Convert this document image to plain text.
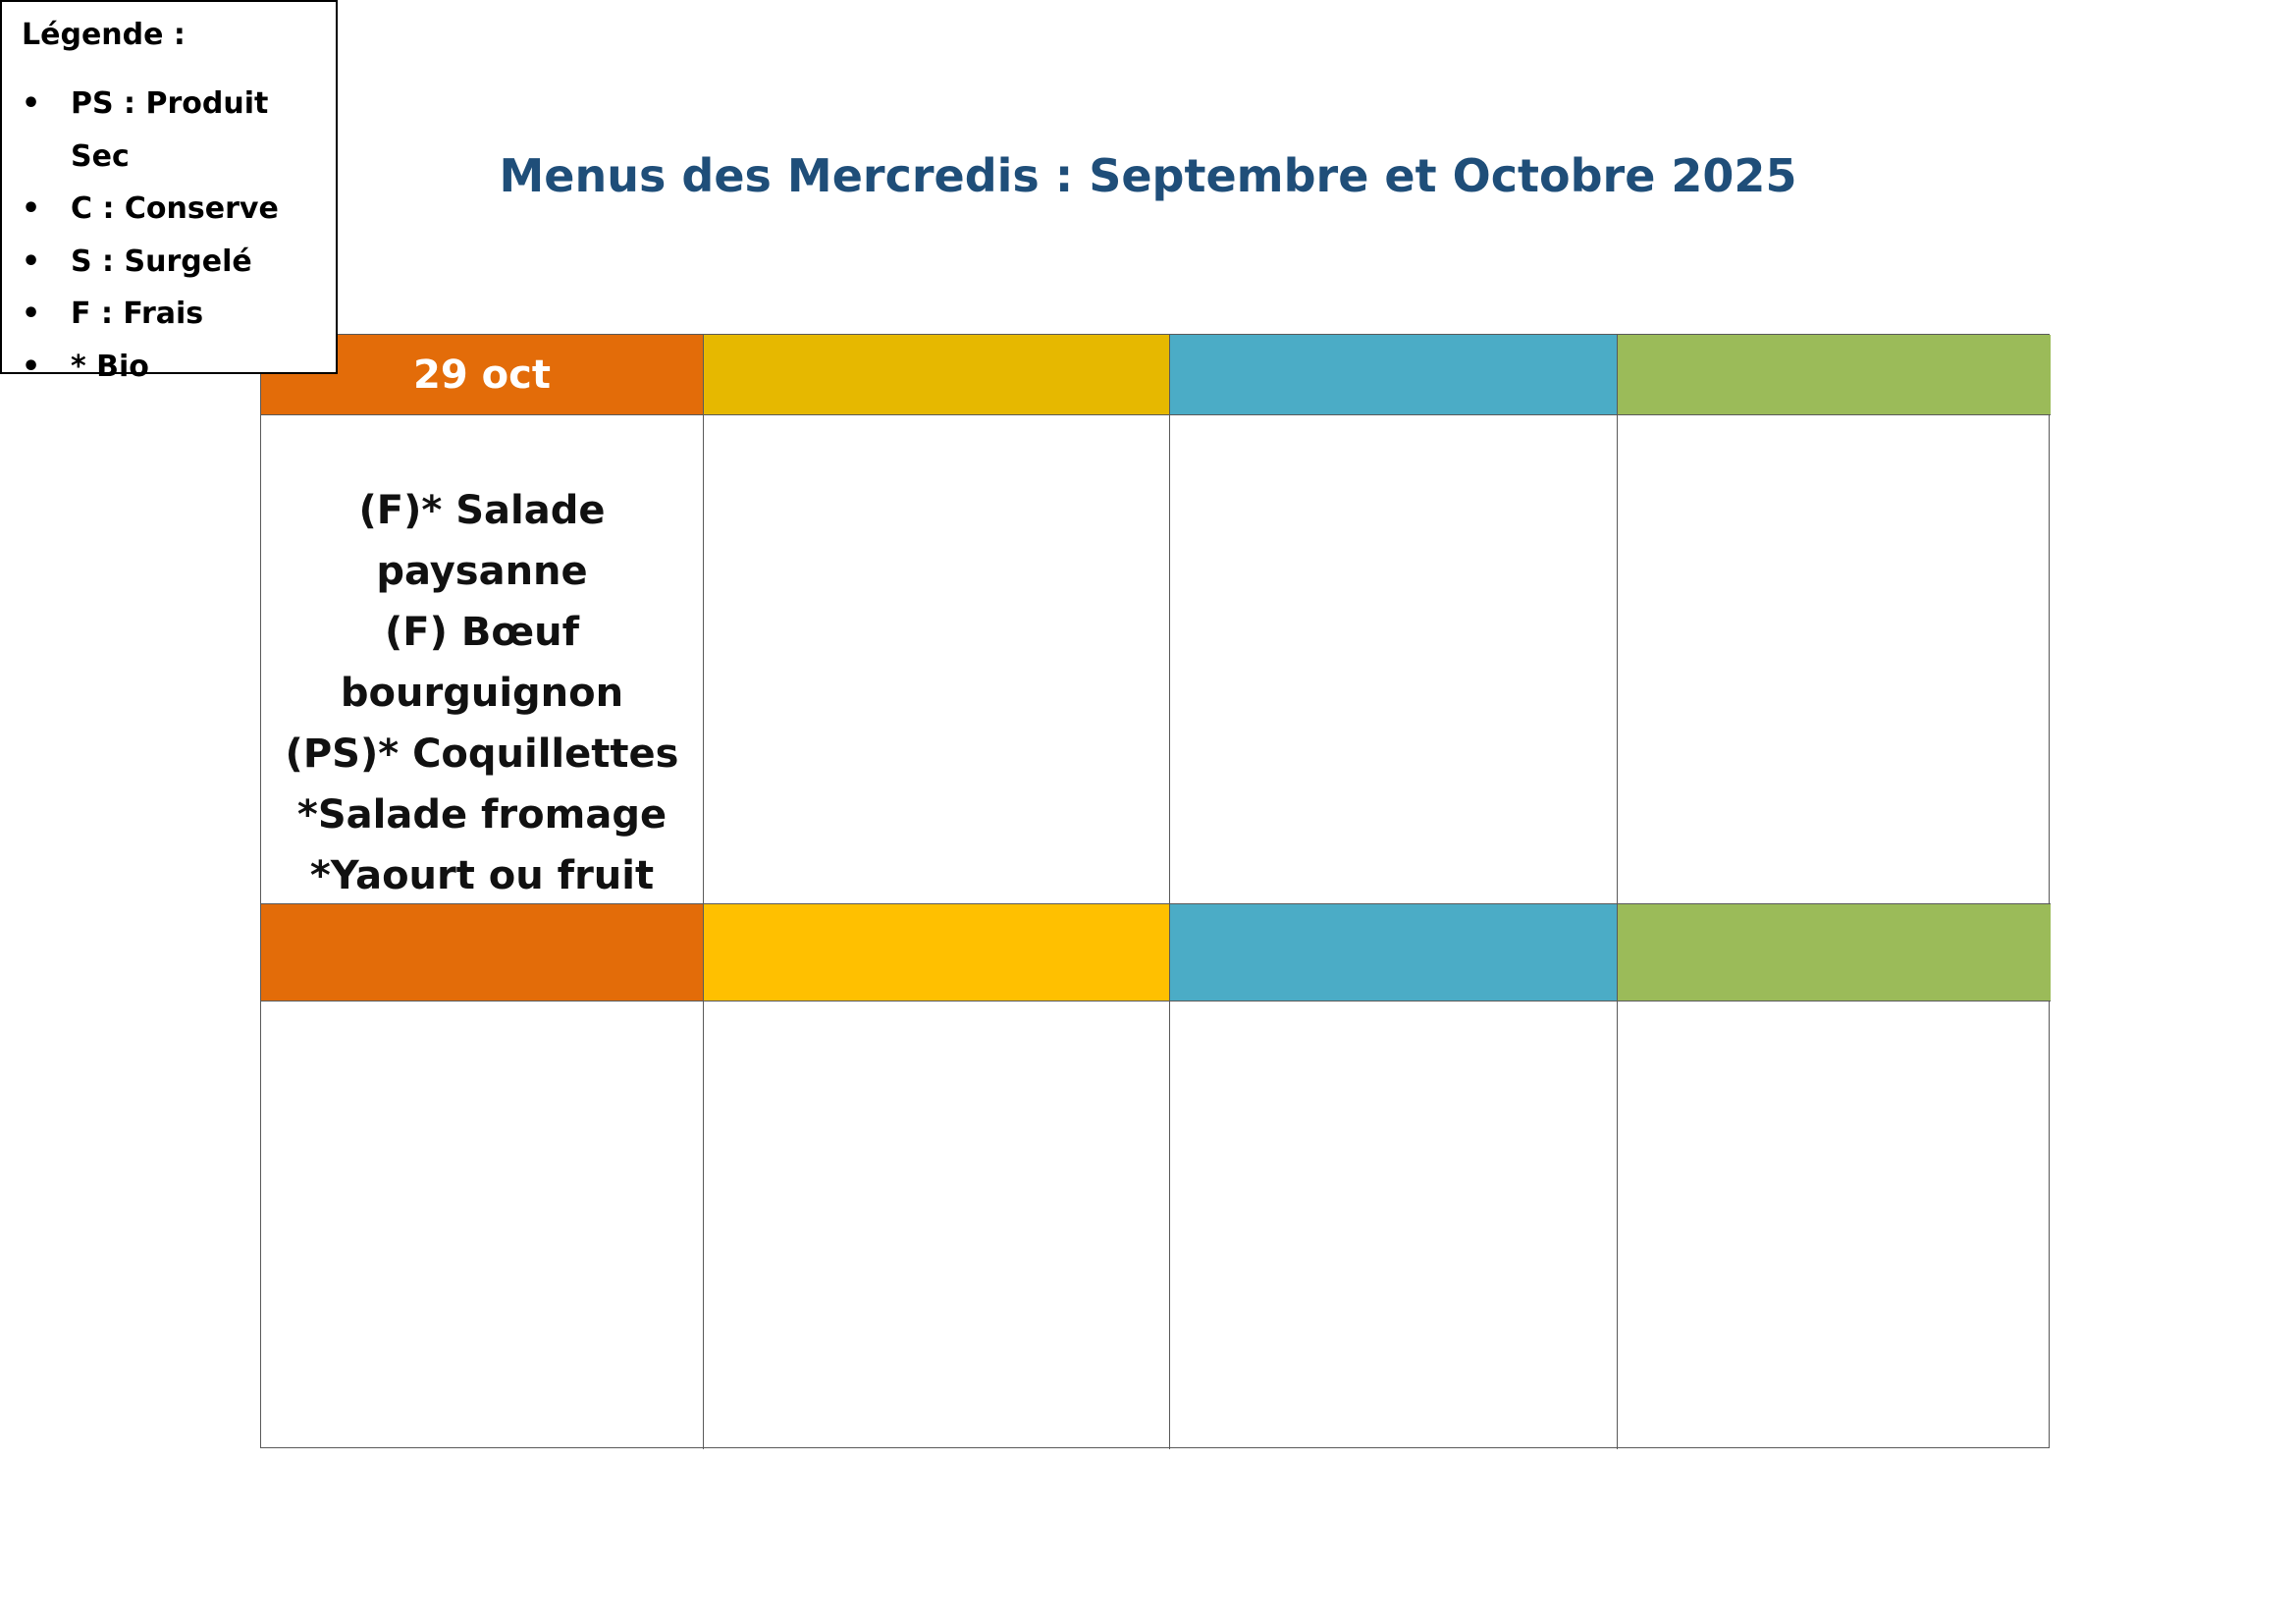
Légende :
• PS : Produit Sec
• C : Conserve
• S : Surgelé
• F : Frais
• * Bio
Menus des Mercredis : Septembre et Octobre 2025
29 oct
(F)* Salade paysanne
(F) Bœuf
bourguignon
(PS)* Coquillettes
*Salade fromage
*Yaourt ou fruit
